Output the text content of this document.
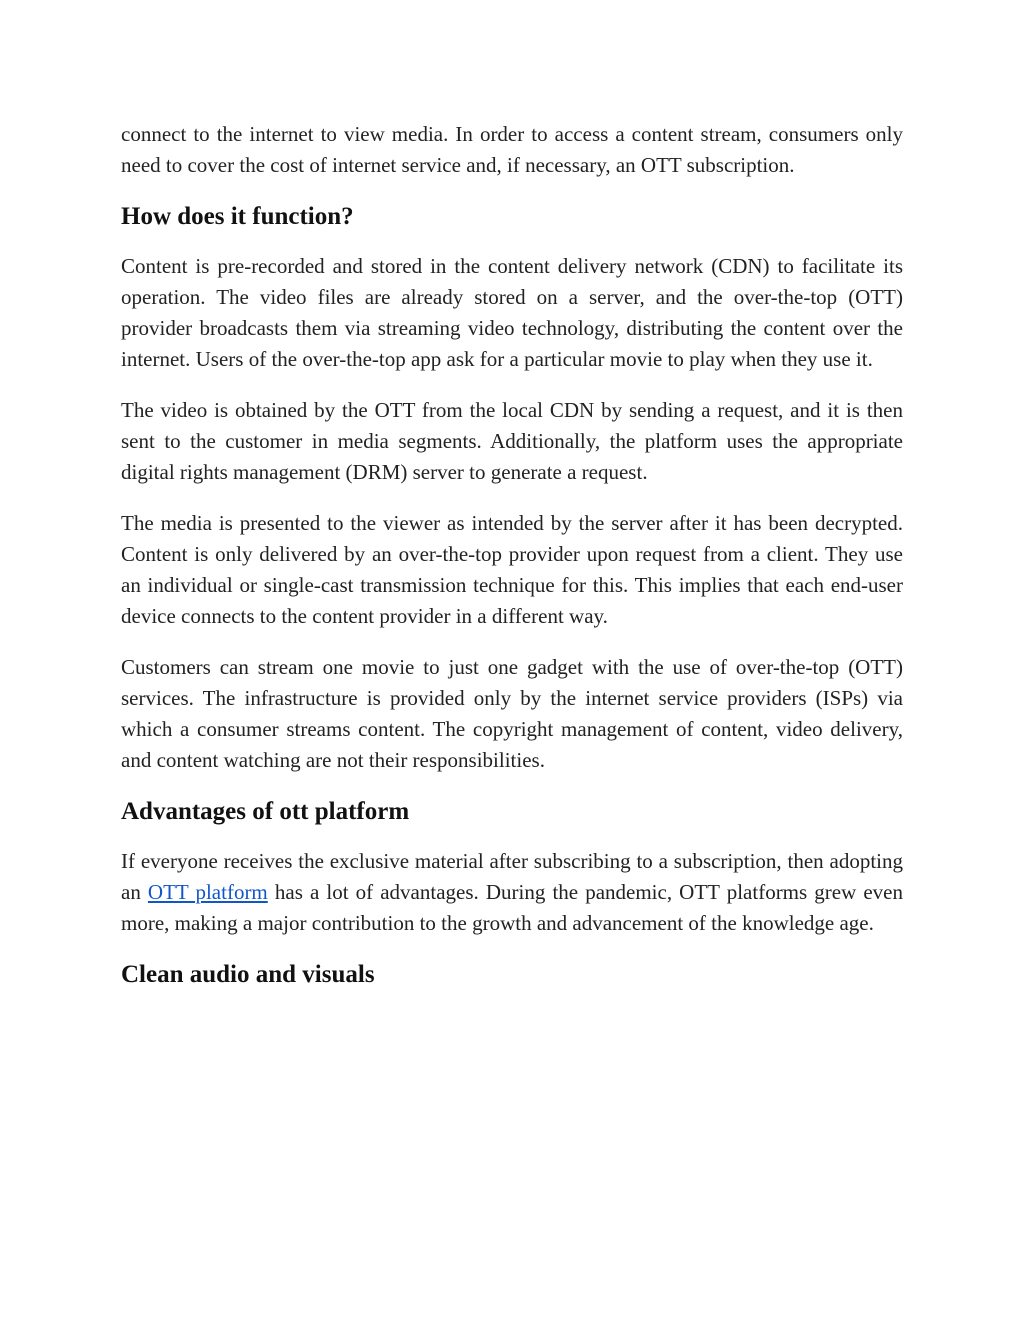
connect to the internet to view media. In order to access a content stream, consumers only need to cover the cost of internet service and, if necessary, an OTT subscription.

How does it function?

Content is pre-recorded and stored in the content delivery network (CDN) to facilitate its operation. The video files are already stored on a server, and the over-the-top (OTT) provider broadcasts them via streaming video technology, distributing the content over the internet. Users of the over-the-top app ask for a particular movie to play when they use it.

The video is obtained by the OTT from the local CDN by sending a request, and it is then sent to the customer in media segments. Additionally, the platform uses the appropriate digital rights management (DRM) server to generate a request.

The media is presented to the viewer as intended by the server after it has been decrypted. Content is only delivered by an over-the-top provider upon request from a client. They use an individual or single-cast transmission technique for this. This implies that each end-user device connects to the content provider in a different way.

Customers can stream one movie to just one gadget with the use of over-the-top (OTT) services. The infrastructure is provided only by the internet service providers (ISPs) via which a consumer streams content. The copyright management of content, video delivery, and content watching are not their responsibilities.

Advantages of ott platform

If everyone receives the exclusive material after subscribing to a subscription, then adopting an OTT platform has a lot of advantages. During the pandemic, OTT platforms grew even more, making a major contribution to the growth and advancement of the knowledge age.

Clean audio and visuals
